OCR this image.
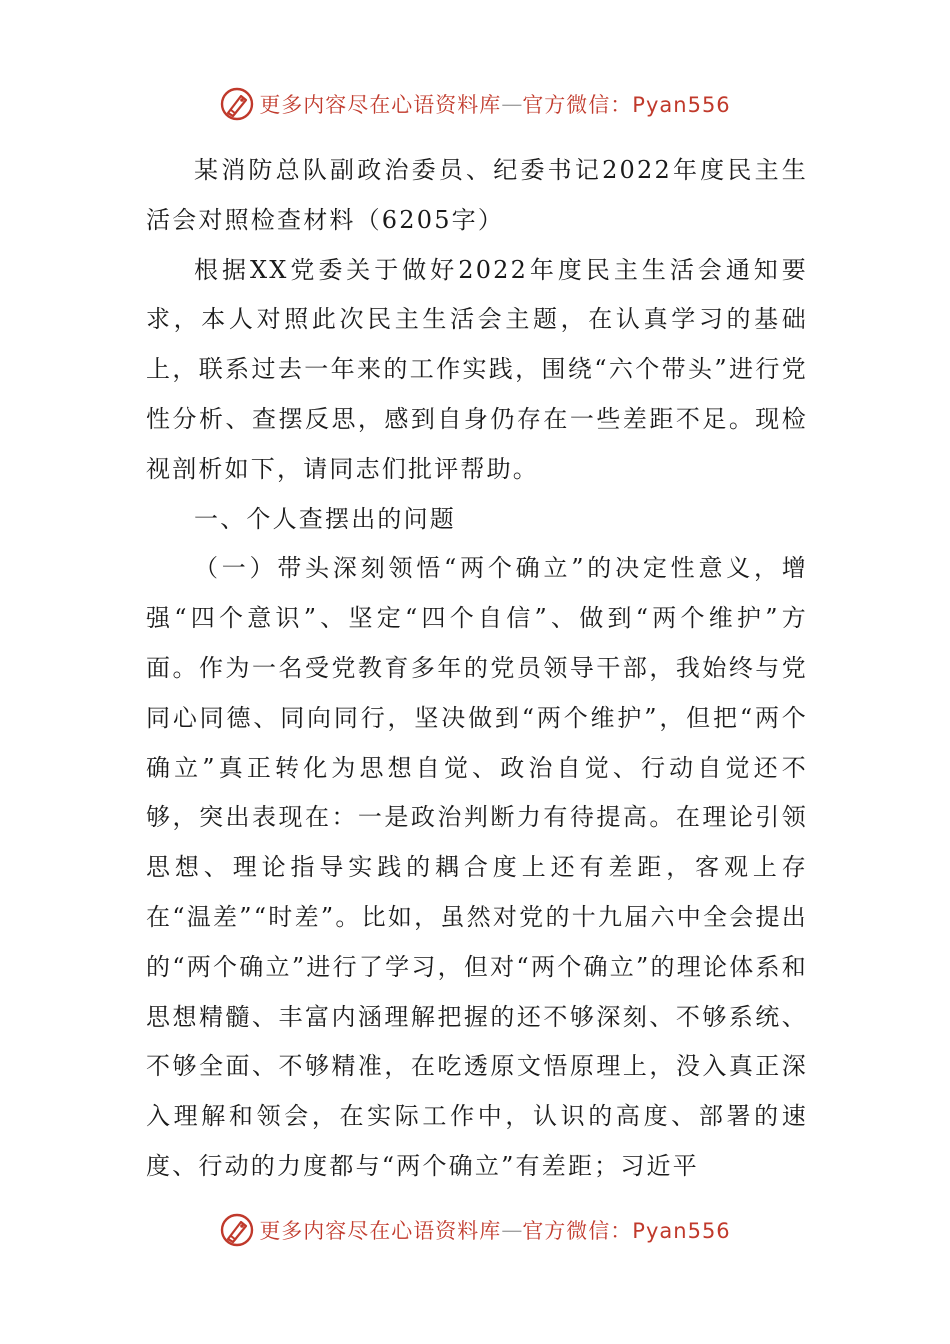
更多内容尽在心语资料库 — 官方微信：Pyan556

某消防总队副政治委员、纪委书记2022年度民主生活会对照检查材料（6205字）

根据XX党委关于做好2022年度民主生活会通知要求，本人对照此次民主生活会主题，在认真学习的基础上，联系过去一年来的工作实践，围绕“六个带头”进行党性分析、查摆反思，感到自身仍存在一些差距不足。现检视剖析如下，请同志们批评帮助。

一、个人查摆出的问题

（一）带头深刻领悟“两个确立”的决定性意义，增强“四个意识”、坚定“四个自信”、做到“两个维护”方面。作为一名受党教育多年的党员领导干部，我始终与党同心同德、同向同行，坚决做到“两个维护”，但把“两个确立”真正转化为思想自觉、政治自觉、行动自觉还不够，突出表现在：一是政治判断力有待提高。在理论引领思想、理论指导实践的耦合度上还有差距，客观上存在“温差”“时差”。比如，虽然对党的十九届六中全会提出的“两个确立”进行了学习，但对“两个确立”的理论体系和思想精髓、丰富内涵理解把握的还不够深刻、不够系统、不够全面、不够精准，在吃透原文悟原理上，没入真正深入理解和领会，在实际工作中，认识的高度、部署的速度、行动的力度都与“两个确立”有差距；习近平

更多内容尽在心语资料库 — 官方微信：Pyan556
